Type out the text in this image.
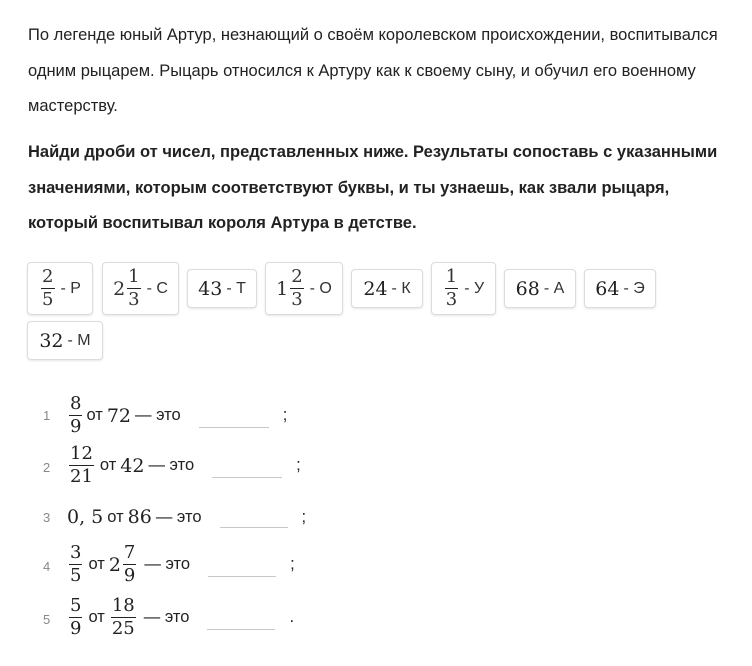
По легенде юный Артур, незнающий о своём королевском происхождении, воспитывался одним рыцарем. Рыцарь относился к Артуру как к своему сыну, и обучил его военному мастерству.

Найди дроби от чисел, представленных ниже. Результаты сопоставь с указанными значениями, которым соответствуют буквы, и ты узнаешь, как звали рыцаря, который воспитывал короля Артура в детстве.

$\frac{2}{5}$ - Р $2 \frac{1}{3}$ - С 43 - Т $1 \frac{2}{3}$ - О 24 - К $\frac{1}{3}$ - У 68 - А 64 - Э
32 - М
$1 \frac{8}{9}$ от 72 — это	;
$2 \frac{12}{21}$ от 42 — это	;
3 0, 5 от 86 — это	;
$4 \frac{3}{5}$ от $2 \frac{7}{9}$ — это	;
$5 \frac{5}{9}$ от $\frac{18}{25}$ — это	.
